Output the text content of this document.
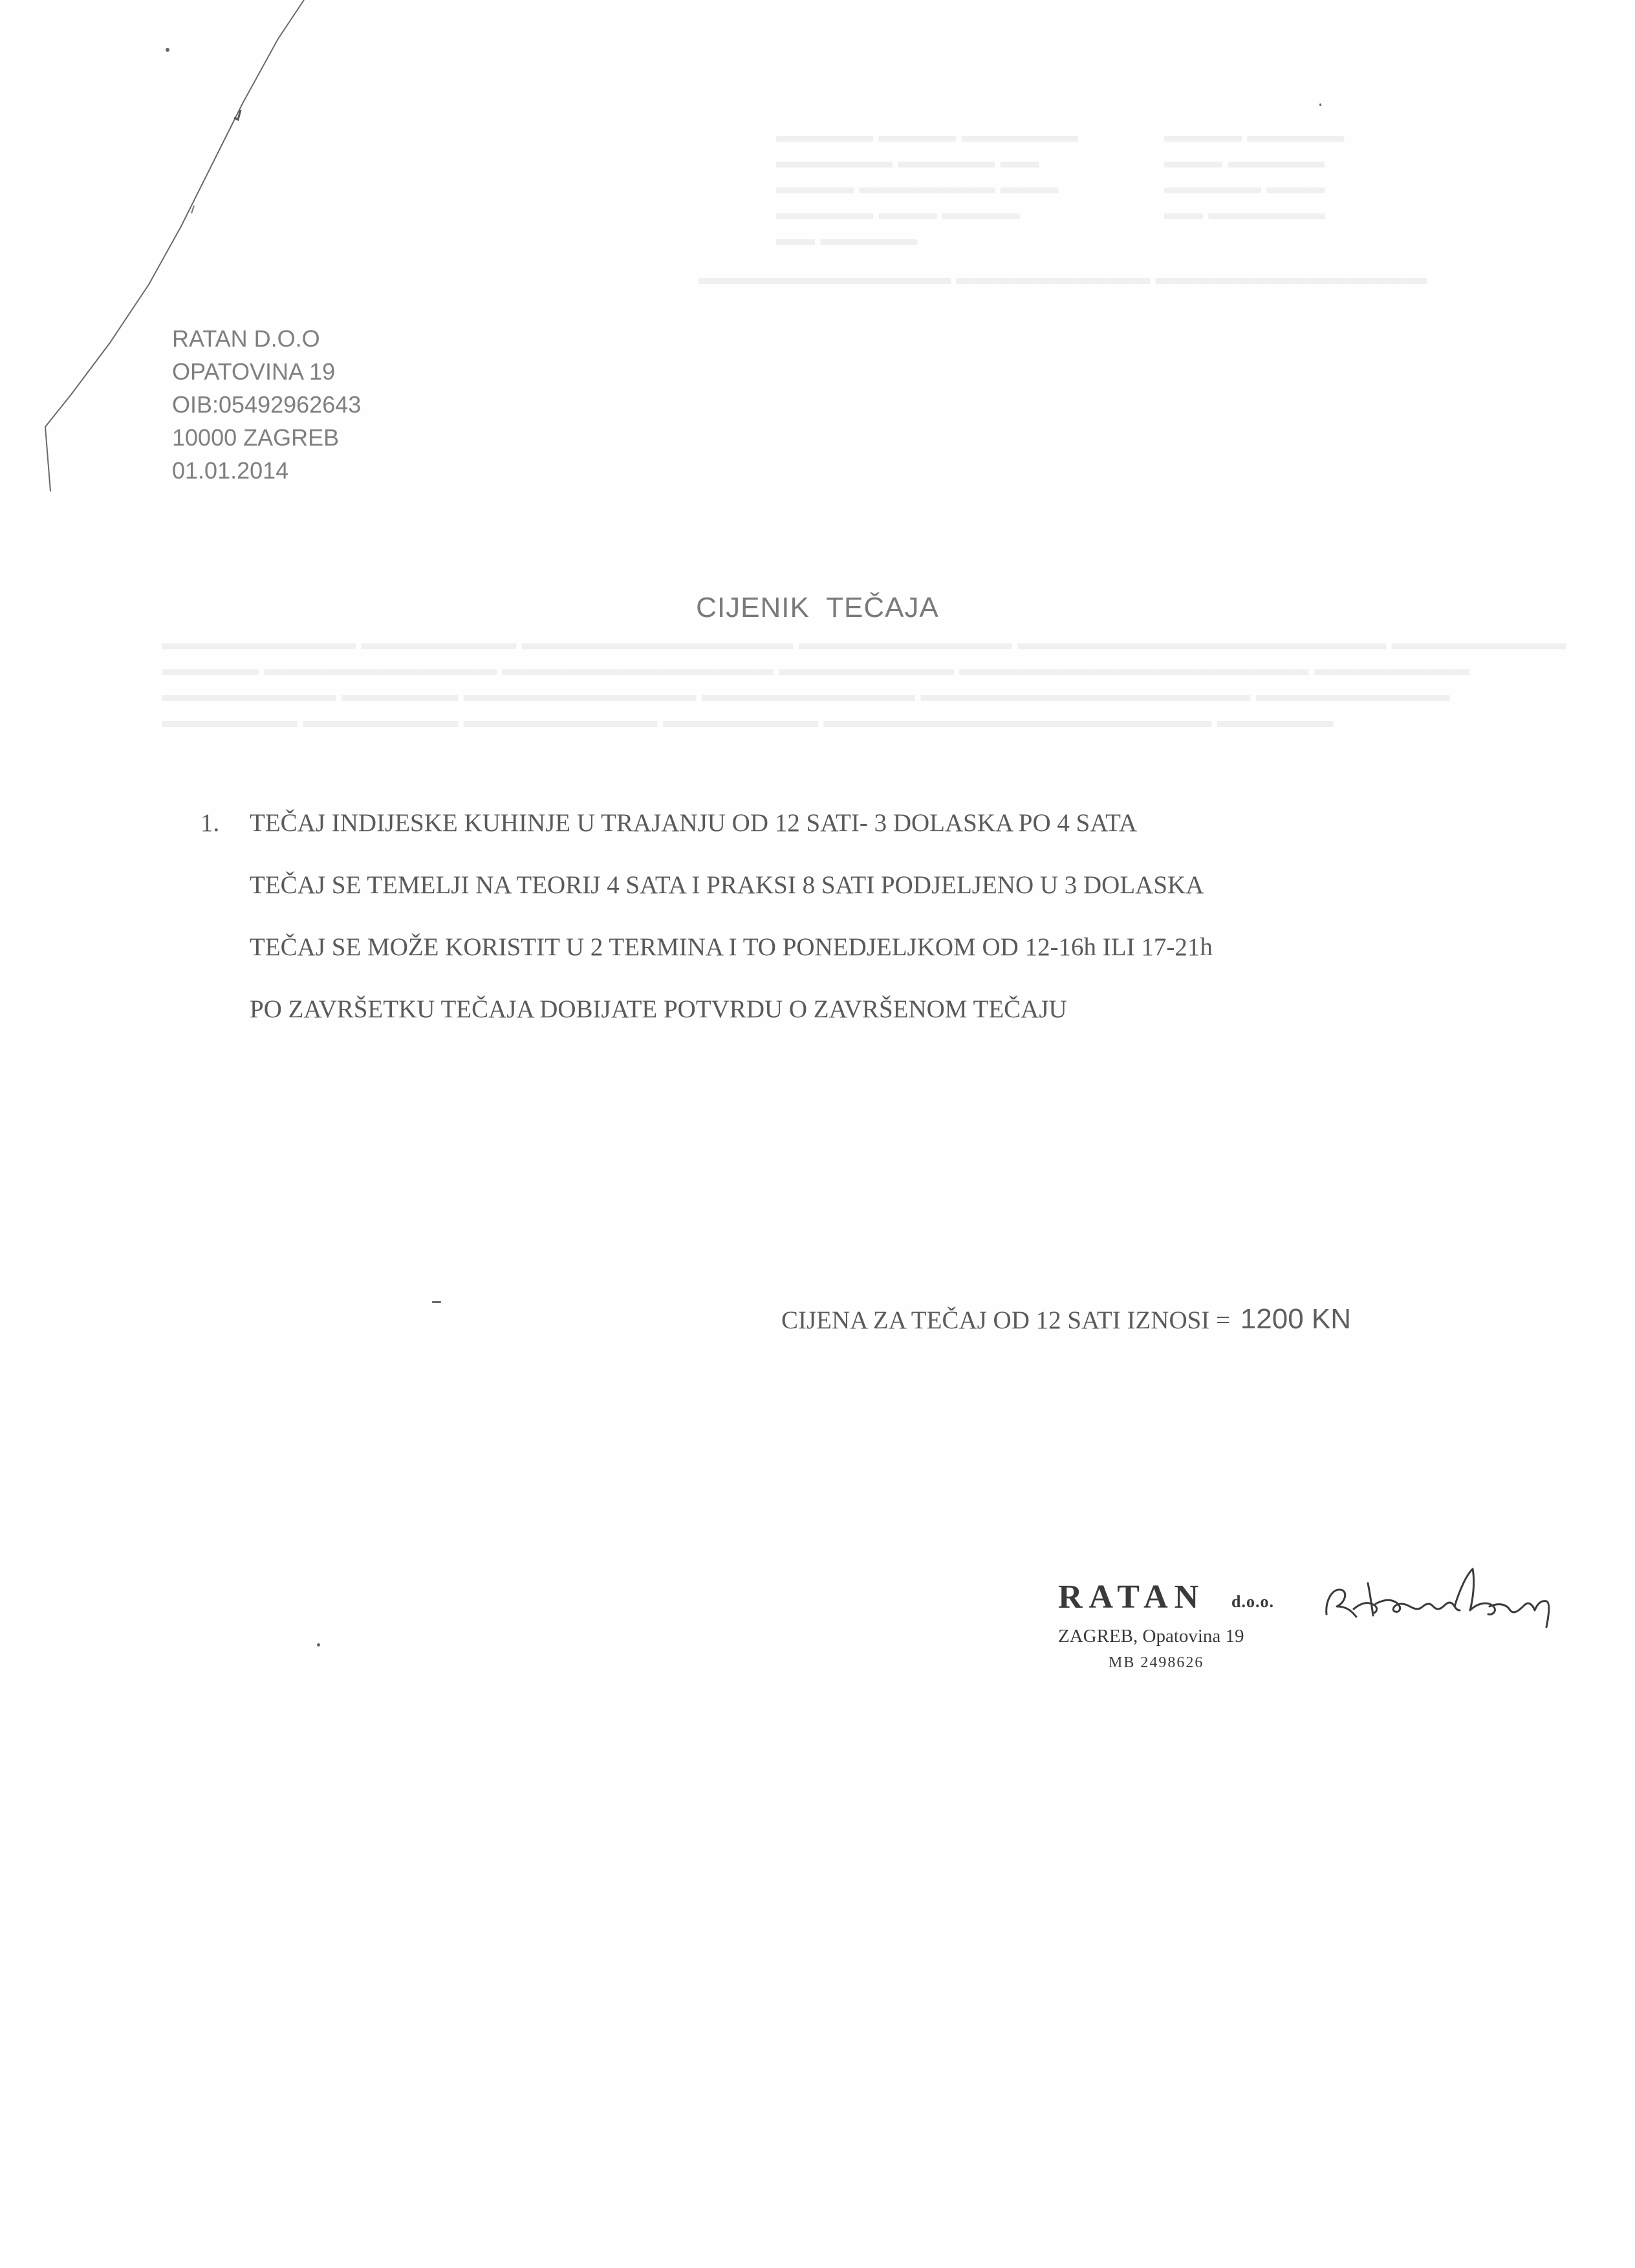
▬▬▬▬▬ ▬▬▬▬ ▬▬▬▬▬▬
▬▬▬▬▬▬ ▬▬▬▬▬ ▬▬
▬▬▬▬ ▬▬▬▬▬▬▬ ▬▬▬
▬▬▬▬▬ ▬▬▬ ▬▬▬▬
▬▬ ▬▬▬▬▬
▬▬▬▬ ▬▬▬▬▬
▬▬▬ ▬▬▬▬▬
▬▬▬▬▬ ▬▬▬
▬▬ ▬▬▬▬▬▬
▬▬▬▬▬▬▬▬▬▬▬▬▬ ▬▬▬▬▬▬▬▬▬▬ ▬▬▬▬▬▬▬▬▬▬▬▬▬▬
▬▬▬▬▬▬▬▬▬▬ ▬▬▬▬▬▬▬▬ ▬▬▬▬▬▬▬▬▬▬▬▬▬▬ ▬▬▬▬▬▬▬▬▬▬▬ ▬▬▬▬▬▬▬▬▬▬▬▬▬▬▬▬▬▬▬ ▬▬▬▬▬▬▬▬▬
▬▬▬▬▬ ▬▬▬▬▬▬▬▬▬▬▬▬ ▬▬▬▬▬▬▬▬▬▬▬▬▬▬ ▬▬▬▬▬▬▬▬▬ ▬▬▬▬▬▬▬▬▬▬▬▬▬▬▬▬▬▬ ▬▬▬▬▬▬▬▬
▬▬▬▬▬▬▬▬▬ ▬▬▬▬▬▬ ▬▬▬▬▬▬▬▬▬▬▬▬ ▬▬▬▬▬▬▬▬▬▬▬ ▬▬▬▬▬▬▬▬▬▬▬▬▬▬▬▬▬ ▬▬▬▬▬▬▬▬▬▬
▬▬▬▬▬▬▬ ▬▬▬▬▬▬▬▬ ▬▬▬▬▬▬▬▬▬▬ ▬▬▬▬▬▬▬▬ ▬▬▬▬▬▬▬▬▬▬▬▬▬▬▬▬▬▬▬▬ ▬▬▬▬▬▬
RATAN D.O.O
OPATOVINA 19
OIB:05492962643
10000 ZAGREB
01.01.2014
CIJENIK TEČAJA
1. TEČAJ INDIJESKE KUHINJE U TRAJANJU OD 12 SATI- 3 DOLASKA PO 4 SATA
TEČAJ SE TEMELJI NA TEORIJ 4 SATA I PRAKSI 8 SATI PODJELJENO U 3 DOLASKA
TEČAJ SE MOŽE KORISTIT U 2 TERMINA I TO PONEDJELJKOM OD 12-16h ILI 17-21h
PO ZAVRŠETKU TEČAJA DOBIJATE POTVRDU O ZAVRŠENOM TEČAJU
CIJENA ZA TEČAJ OD 12 SATI IZNOSI = 1200 KN
RATAN d.o.o.
ZAGREB, Opatovina 19
MB 2498626
